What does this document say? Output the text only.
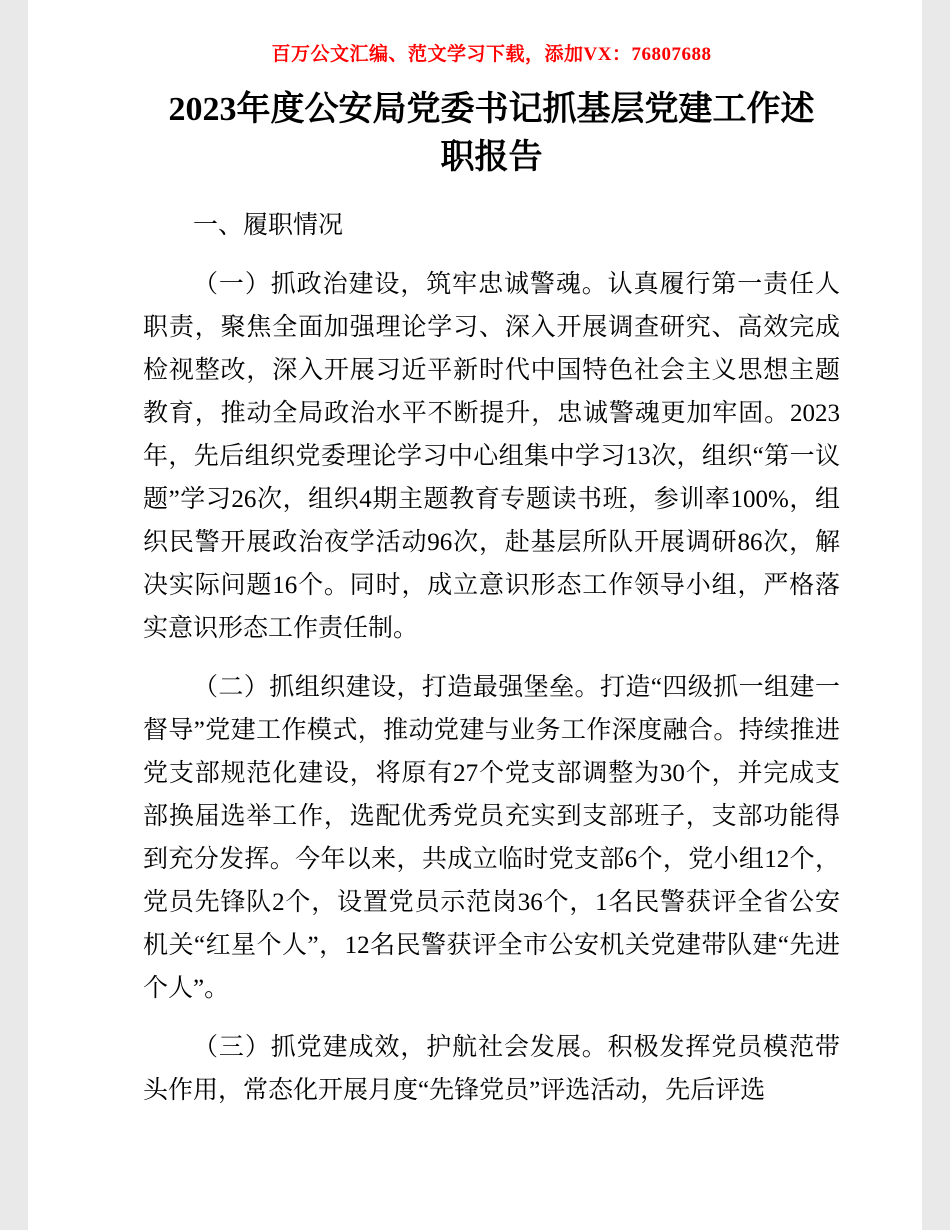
百万公文汇编、范文学习下载，添加VX：76807688
2023年度公安局党委书记抓基层党建工作述职报告

一、履职情况

（一）抓政治建设，筑牢忠诚警魂。认真履行第一责任人职责，聚焦全面加强理论学习、深入开展调查研究、高效完成检视整改，深入开展习近平新时代中国特色社会主义思想主题教育，推动全局政治水平不断提升，忠诚警魂更加牢固。2023年，先后组织党委理论学习中心组集中学习13次，组织“第一议题”学习26次，组织4期主题教育专题读书班，参训率100%，组织民警开展政治夜学活动96次，赴基层所队开展调研86次，解决实际问题16个。同时，成立意识形态工作领导小组，严格落实意识形态工作责任制。

（二）抓组织建设，打造最强堡垒。打造“四级抓一组建一督导”党建工作模式，推动党建与业务工作深度融合。持续推进党支部规范化建设，将原有27个党支部调整为30个，并完成支部换届选举工作，选配优秀党员充实到支部班子，支部功能得到充分发挥。今年以来，共成立临时党支部6个，党小组12个，党员先锋队2个，设置党员示范岗36个，1名民警获评全省公安机关“红星个人”，12名民警获评全市公安机关党建带队建“先进个人”。

（三）抓党建成效，护航社会发展。积极发挥党员模范带头作用，常态化开展月度“先锋党员”评选活动，先后评选
